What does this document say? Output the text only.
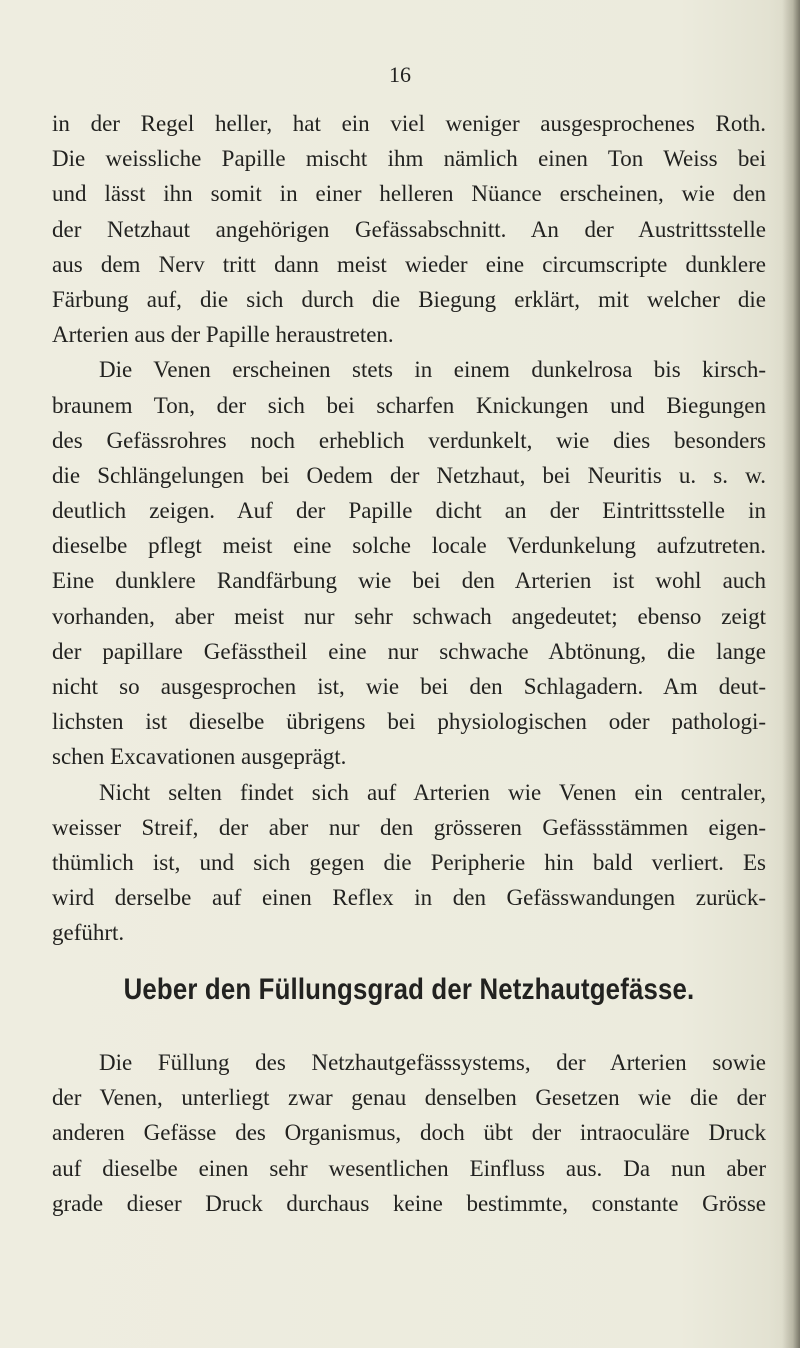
16
in der Regel heller, hat ein viel weniger ausgesprochenes Roth.
Die weissliche Papille mischt ihm nämlich einen Ton Weiss bei
und lässt ihn somit in einer helleren Nüance erscheinen, wie den
der Netzhaut angehörigen Gefässabschnitt. An der Austrittsstelle
aus dem Nerv tritt dann meist wieder eine circumscripte dunklere
Färbung auf, die sich durch die Biegung erklärt, mit welcher die
Arterien aus der Papille heraustreten.
Die Venen erscheinen stets in einem dunkelrosa bis kirsch-
braunem Ton, der sich bei scharfen Knickungen und Biegungen
des Gefässrohres noch erheblich verdunkelt, wie dies besonders
die Schlängelungen bei Oedem der Netzhaut, bei Neuritis u. s. w.
deutlich zeigen. Auf der Papille dicht an der Eintrittsstelle in
dieselbe pflegt meist eine solche locale Verdunkelung aufzutreten.
Eine dunklere Randfärbung wie bei den Arterien ist wohl auch
vorhanden, aber meist nur sehr schwach angedeutet; ebenso zeigt
der papillare Gefässtheil eine nur schwache Abtönung, die lange
nicht so ausgesprochen ist, wie bei den Schlagadern. Am deut-
lichsten ist dieselbe übrigens bei physiologischen oder pathologi-
schen Excavationen ausgeprägt.
Nicht selten findet sich auf Arterien wie Venen ein centraler,
weisser Streif, der aber nur den grösseren Gefässstämmen eigen-
thümlich ist, und sich gegen die Peripherie hin bald verliert. Es
wird derselbe auf einen Reflex in den Gefässwandungen zurück-
geführt.
Ueber den Füllungsgrad der Netzhautgefässe.
Die Füllung des Netzhautgefässsystems, der Arterien sowie
der Venen, unterliegt zwar genau denselben Gesetzen wie die der
anderen Gefässe des Organismus, doch übt der intraoculäre Druck
auf dieselbe einen sehr wesentlichen Einfluss aus. Da nun aber
grade dieser Druck durchaus keine bestimmte, constante Grösse
